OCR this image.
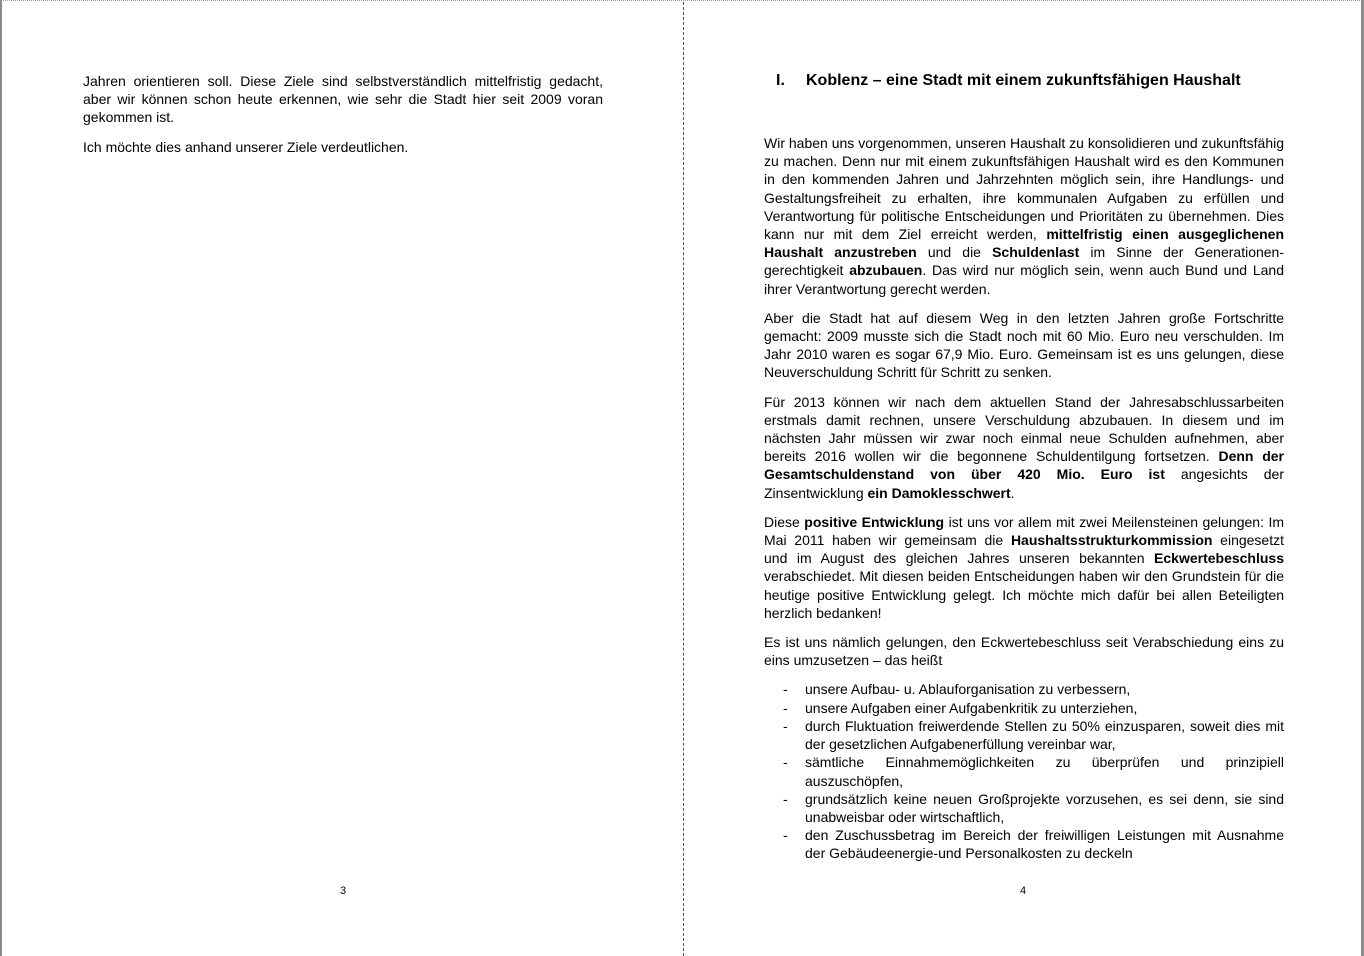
Jahren orientieren soll. Diese Ziele sind selbstverständlich mittelfristig gedacht, aber wir können schon heute erkennen, wie sehr die Stadt hier seit 2009 voran gekommen ist.

Ich möchte dies anhand unserer Ziele verdeutlichen.

3
I. Koblenz – eine Stadt mit einem zukunftsfähigen Haushalt

Wir haben uns vorgenommen, unseren Haushalt zu konsolidieren und zukunftsfähig zu machen. Denn nur mit einem zukunftsfähigen Haushalt wird es den Kommunen in den kommenden Jahren und Jahrzehnten möglich sein, ihre Handlungs- und Gestaltungsfreiheit zu erhalten, ihre kommunalen Aufgaben zu erfüllen und Verantwortung für politische Entscheidungen und Prioritäten zu übernehmen. Dies kann nur mit dem Ziel erreicht werden, mittelfristig einen ausgeglichenen Haushalt anzustreben und die Schuldenlast im Sinne der Generationen-gerechtigkeit abzubauen. Das wird nur möglich sein, wenn auch Bund und Land ihrer Verantwortung gerecht werden.

Aber die Stadt hat auf diesem Weg in den letzten Jahren große Fortschritte gemacht: 2009 musste sich die Stadt noch mit 60 Mio. Euro neu verschulden. Im Jahr 2010 waren es sogar 67,9 Mio. Euro. Gemeinsam ist es uns gelungen, diese Neuverschuldung Schritt für Schritt zu senken.

Für 2013 können wir nach dem aktuellen Stand der Jahresabschlussarbeiten erstmals damit rechnen, unsere Verschuldung abzubauen. In diesem und im nächsten Jahr müssen wir zwar noch einmal neue Schulden aufnehmen, aber bereits 2016 wollen wir die begonnene Schuldentilgung fortsetzen. Denn der Gesamtschuldenstand von über 420 Mio. Euro ist angesichts der Zinsentwicklung ein Damoklesschwert.

Diese positive Entwicklung ist uns vor allem mit zwei Meilensteinen gelungen: Im Mai 2011 haben wir gemeinsam die Haushaltsstrukturkommission eingesetzt und im August des gleichen Jahres unseren bekannten Eckwertebeschluss verabschiedet. Mit diesen beiden Entscheidungen haben wir den Grundstein für die heutige positive Entwicklung gelegt. Ich möchte mich dafür bei allen Beteiligten herzlich bedanken!

Es ist uns nämlich gelungen, den Eckwertebeschluss seit Verabschiedung eins zu eins umzusetzen – das heißt

- unsere Aufbau- u. Ablauforganisation zu verbessern,
- unsere Aufgaben einer Aufgabenkritik zu unterziehen,
- durch Fluktuation freiwerdende Stellen zu 50% einzusparen, soweit dies mit der gesetzlichen Aufgabenerfüllung vereinbar war,
- sämtliche Einnahmemöglichkeiten zu überprüfen und prinzipiell auszuschöpfen,
- grundsätzlich keine neuen Großprojekte vorzusehen, es sei denn, sie sind unabweisbar oder wirtschaftlich,
- den Zuschussbetrag im Bereich der freiwilligen Leistungen mit Ausnahme der Gebäudeenergie-und Personalkosten zu deckeln
4
